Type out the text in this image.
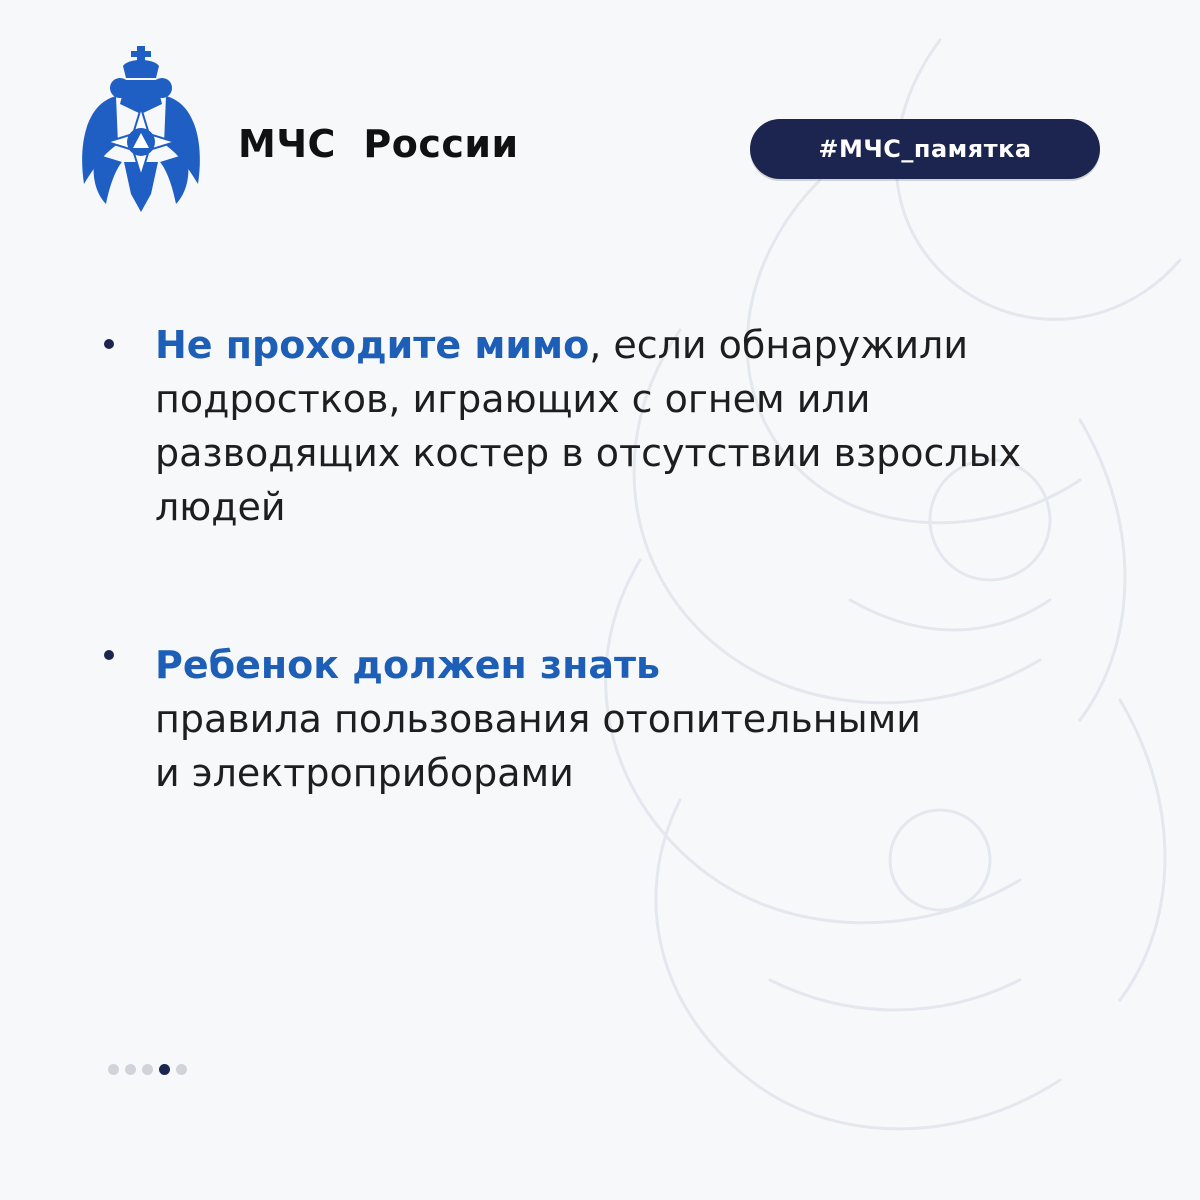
МЧС  России	#МЧС_памятка
Не проходите мимо, если обнаружили
подростков, играющих с огнем или
разводящих костер в отсутствии взрослых
людей
Ребенок должен знать
правила пользования отопительными
и электроприборами
